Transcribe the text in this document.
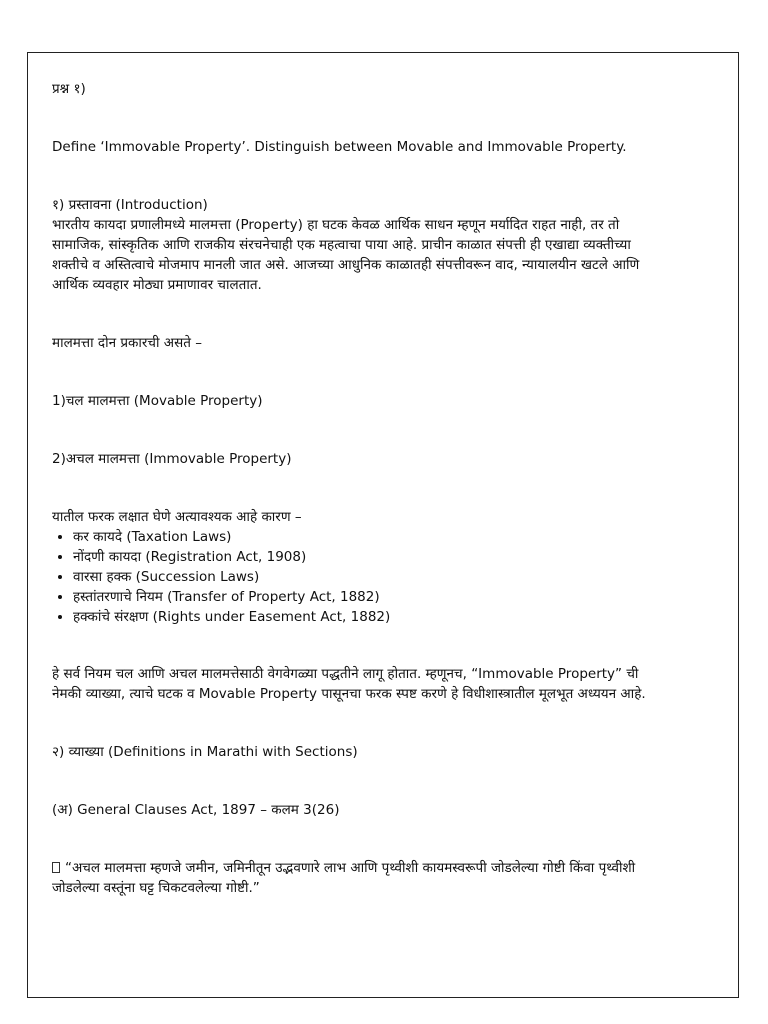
प्रश्न १)

Define ‘Immovable Property’. Distinguish between Movable and Immovable Property.

१) प्रस्तावना (Introduction)

भारतीय कायदा प्रणालीमध्ये मालमत्ता (Property) हा घटक केवळ आर्थिक साधन म्हणून मर्यादित राहत नाही, तर तो

सामाजिक, सांस्कृतिक आणि राजकीय संरचनेचाही एक महत्वाचा पाया आहे. प्राचीन काळात संपत्ती ही एखाद्या व्यक्तीच्या

शक्तीचे व अस्तित्वाचे मोजमाप मानली जात असे. आजच्या आधुनिक काळातही संपत्तीवरून वाद, न्यायालयीन खटले आणि

आर्थिक व्यवहार मोठ्या प्रमाणावर चालतात.

मालमत्ता दोन प्रकारची असते –

1)चल मालमत्ता (Movable Property)

2)अचल मालमत्ता (Immovable Property)

यातील फरक लक्षात घेणे अत्यावश्यक आहे कारण –

• कर कायदे (Taxation Laws)
• नोंदणी कायदा (Registration Act, 1908)
• वारसा हक्क (Succession Laws)
• हस्तांतरणाचे नियम (Transfer of Property Act, 1882)
• हक्कांचे संरक्षण (Rights under Easement Act, 1882)

हे सर्व नियम चल आणि अचल मालमत्तेसाठी वेगवेगळ्या पद्धतीने लागू होतात. म्हणूनच, “Immovable Property” ची

नेमकी व्याख्या, त्याचे घटक व Movable Property पासूनचा फरक स्पष्ट करणे हे विधीशास्त्रातील मूलभूत अध्ययन आहे.

२) व्याख्या (Definitions in Marathi with Sections)

(अ) General Clauses Act, 1897 – कलम 3(26)

“अचल मालमत्ता म्हणजे जमीन, जमिनीतून उद्भवणारे लाभ आणि पृथ्वीशी कायमस्वरूपी जोडलेल्या गोष्टी किंवा पृथ्वीशी

जोडलेल्या वस्तूंना घट्ट चिकटवलेल्या गोष्टी.”
